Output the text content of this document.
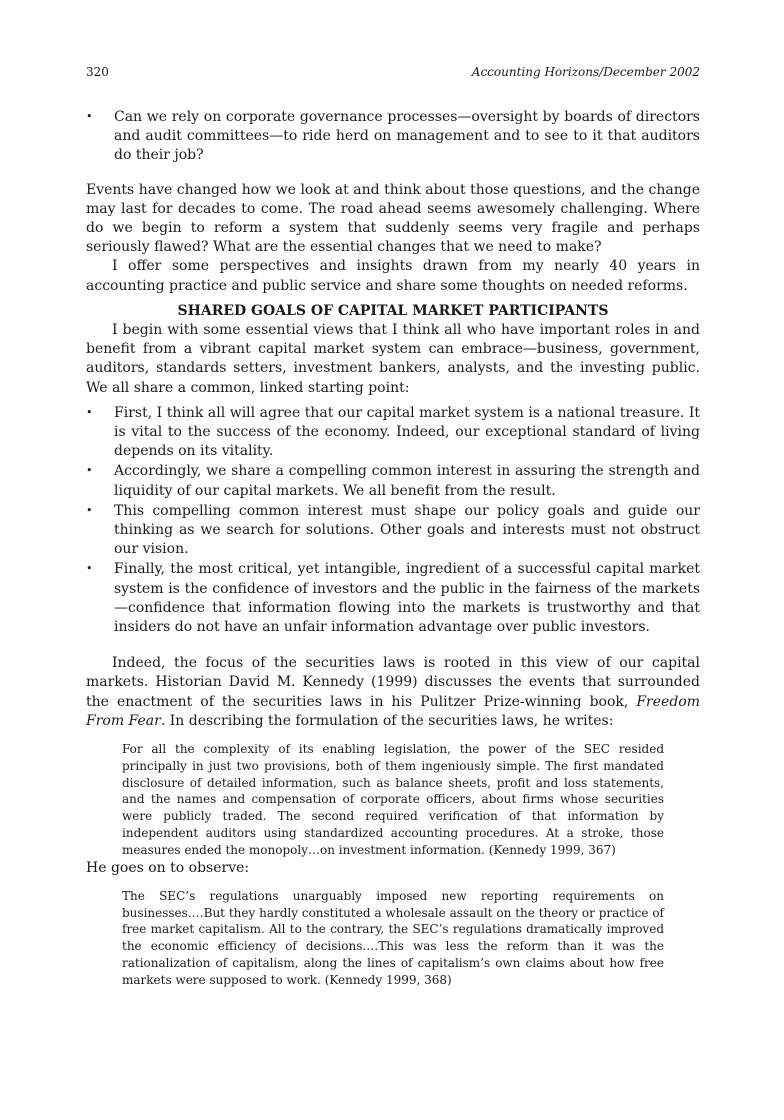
320	Accounting Horizons/December 2002
• Can we rely on corporate governance processes—oversight by boards of directors and audit committees—to ride herd on management and to see to it that auditors do their job?

Events have changed how we look at and think about those questions, and the change may last for decades to come. The road ahead seems awesomely challenging. Where do we begin to reform a system that suddenly seems very fragile and perhaps seriously flawed? What are the essential changes that we need to make?

I offer some perspectives and insights drawn from my nearly 40 years in accounting practice and public service and share some thoughts on needed reforms.

SHARED GOALS OF CAPITAL MARKET PARTICIPANTS

I begin with some essential views that I think all who have important roles in and benefit from a vibrant capital market system can embrace—business, government, auditors, standards setters, investment bankers, analysts, and the investing public. We all share a common, linked starting point:

• First, I think all will agree that our capital market system is a national treasure. It is vital to the success of the economy. Indeed, our exceptional standard of living depends on its vitality.
• Accordingly, we share a compelling common interest in assuring the strength and liquidity of our capital markets. We all benefit from the result.
• This compelling common interest must shape our policy goals and guide our thinking as we search for solutions. Other goals and interests must not obstruct our vision.
• Finally, the most critical, yet intangible, ingredient of a successful capital market system is the confidence of investors and the public in the fairness of the markets—confidence that information flowing into the markets is trustworthy and that insiders do not have an unfair information advantage over public investors.

Indeed, the focus of the securities laws is rooted in this view of our capital markets. Historian David M. Kennedy (1999) discusses the events that surrounded the enactment of the securities laws in his Pulitzer Prize-winning book, Freedom From Fear. In describing the formulation of the securities laws, he writes:

For all the complexity of its enabling legislation, the power of the SEC resided principally in just two provisions, both of them ingeniously simple. The first mandated disclosure of detailed information, such as balance sheets, profit and loss statements, and the names and compensation of corporate officers, about firms whose securities were publicly traded. The second required verification of that information by independent auditors using standardized accounting procedures. At a stroke, those measures ended the monopoly…on investment information. (Kennedy 1999, 367)

He goes on to observe:

The SEC’s regulations unarguably imposed new reporting requirements on businesses.…But they hardly constituted a wholesale assault on the theory or practice of free market capitalism. All to the contrary, the SEC’s regulations dramatically improved the economic efficiency of decisions.…This was less the reform than it was the rationalization of capitalism, along the lines of capitalism’s own claims about how free markets were supposed to work. (Kennedy 1999, 368)
